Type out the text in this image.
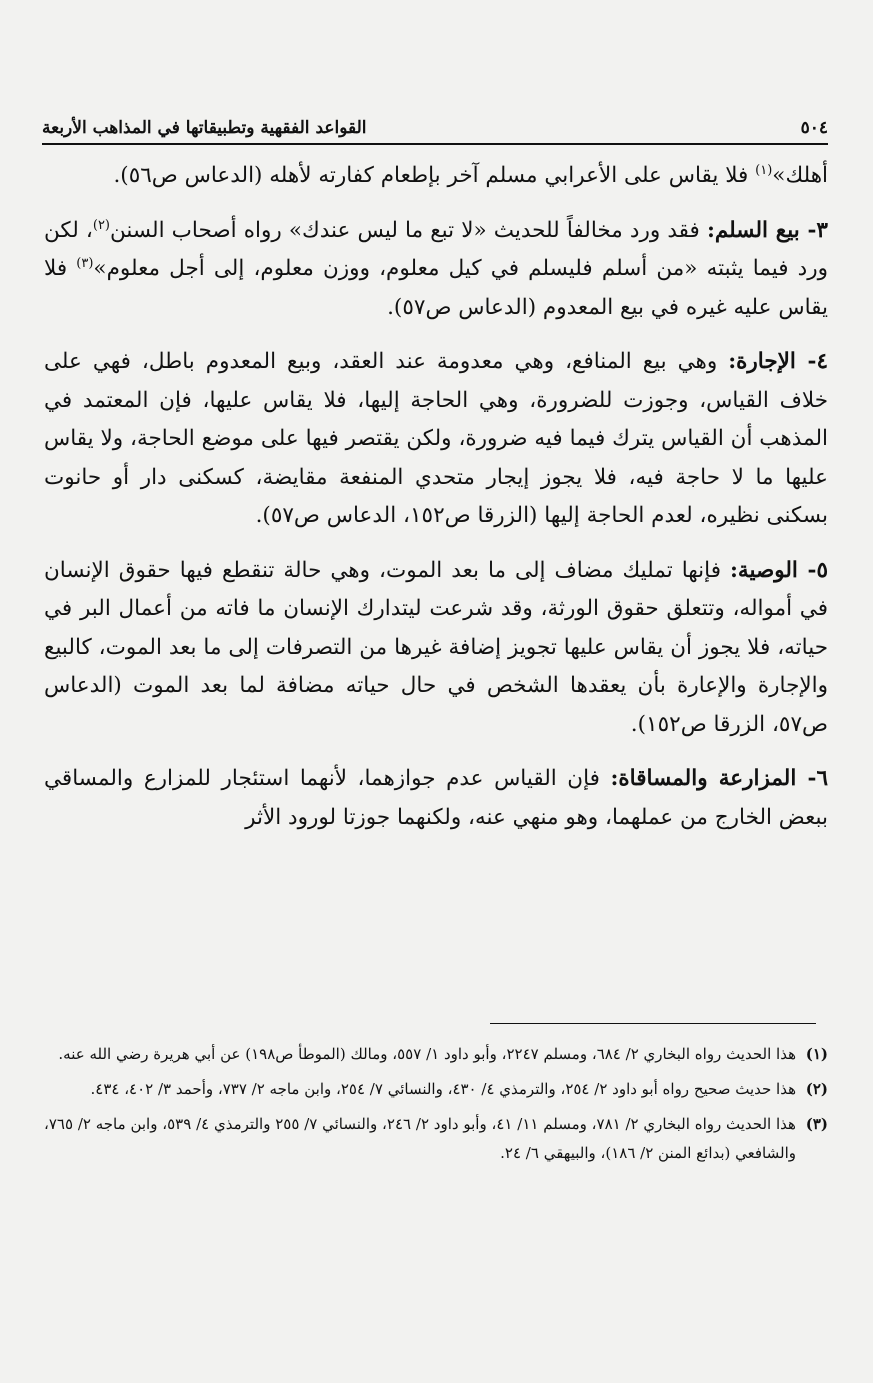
٥٠٤
القواعد الفقهية وتطبيقاتها في المذاهب الأربعة

أهلك»$^{(١)}$ فلا يقاس على الأعرابي مسلم آخر بإطعام كفارته لأهله (الدعاس ص٥٦).

٣- بيع السلم: فقد ورد مخالفاً للحديث «لا تبع ما ليس عندك» رواه أصحاب السنن$^{(٢)}$، لكن ورد فيما يثبته «من أسلم فليسلم في كيل معلوم، ووزن معلوم، إلى أجل معلوم»$^{(٣)}$ فلا يقاس عليه غيره في بيع المعدوم (الدعاس ص٥٧).

٤- الإجارة: وهي بيع المنافع، وهي معدومة عند العقد، وبيع المعدوم باطل، فهي على خلاف القياس، وجوزت للضرورة، وهي الحاجة إليها، فلا يقاس عليها، فإن المعتمد في المذهب أن القياس يترك فيما فيه ضرورة، ولكن يقتصر فيها على موضع الحاجة، ولا يقاس عليها ما لا حاجة فيه، فلا يجوز إيجار متحدي المنفعة مقايضة، كسكنى دار أو حانوت بسكنى نظيره، لعدم الحاجة إليها (الزرقا ص١٥٢، الدعاس ص٥٧).

٥- الوصية: فإنها تمليك مضاف إلى ما بعد الموت، وهي حالة تنقطع فيها حقوق الإنسان في أمواله، وتتعلق حقوق الورثة، وقد شرعت ليتدارك الإنسان ما فاته من أعمال البر في حياته، فلا يجوز أن يقاس عليها تجويز إضافة غيرها من التصرفات إلى ما بعد الموت، كالبيع والإجارة والإعارة بأن يعقدها الشخص في حال حياته مضافة لما بعد الموت (الدعاس ص٥٧، الزرقا ص١٥٢).

٦- المزارعة والمساقاة: فإن القياس عدم جوازهما، لأنهما استئجار للمزارع والمساقي ببعض الخارج من عملهما، وهو منهي عنه، ولكنهما جوزتا لورود الأثر

(١)
هذا الحديث رواه البخاري ٢/ ٦٨٤، ومسلم ٢٢٤٧، وأبو داود ١/ ٥٥٧، ومالك (الموطأ ص١٩٨) عن أبي هريرة رضي الله عنه.
(٢)
هذا حديث صحيح رواه أبو داود ٢/ ٢٥٤، والترمذي ٤/ ٤٣٠، والنسائي ٧/ ٢٥٤، وابن ماجه ٢/ ٧٣٧، وأحمد ٣/ ٤٠٢، ٤٣٤.
(٣)
هذا الحديث رواه البخاري ٢/ ٧٨١، ومسلم ١١/ ٤١، وأبو داود ٢/ ٢٤٦، والنسائي ٧/ ٢٥٥ والترمذي ٤/ ٥٣٩، وابن ماجه ٢/ ٧٦٥، والشافعي (بدائع المنن ٢/ ١٨٦)، والبيهقي ٦/ ٢٤.
